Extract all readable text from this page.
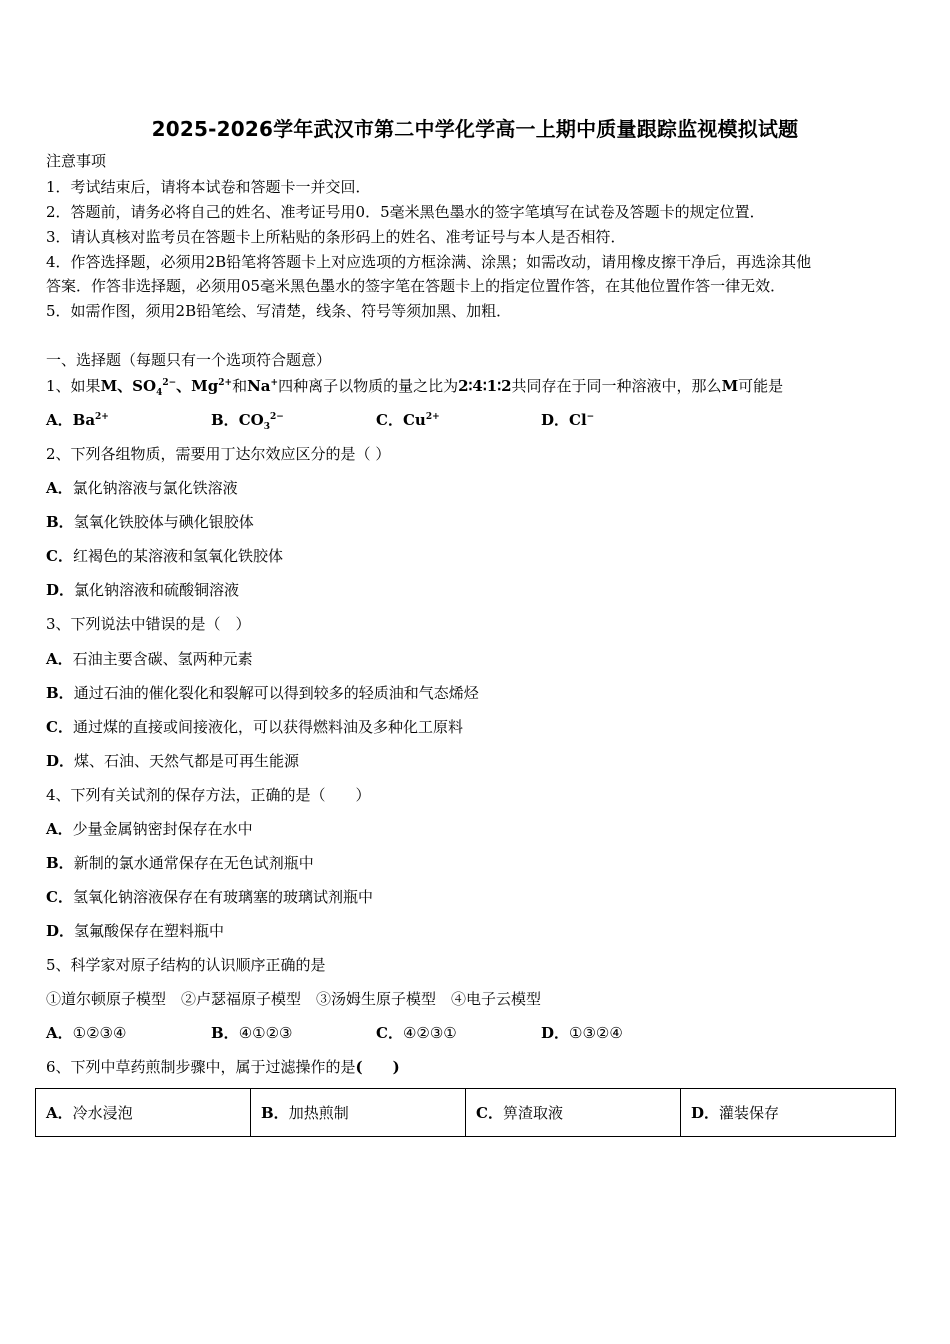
2025-2026学年武汉市第二中学化学高一上期中质量跟踪监视模拟试题
注意事项
1．考试结束后，请将本试卷和答题卡一并交回．
2．答题前，请务必将自己的姓名、准考证号用0．5毫米黑色墨水的签字笔填写在试卷及答题卡的规定位置．
3．请认真核对监考员在答题卡上所粘贴的条形码上的姓名、准考证号与本人是否相符．
4．作答选择题，必须用2B铅笔将答题卡上对应选项的方框涂满、涂黑；如需改动，请用橡皮擦干净后，再选涂其他
答案．作答非选择题，必须用05毫米黑色墨水的签字笔在答题卡上的指定位置作答，在其他位置作答一律无效．
5．如需作图，须用2B铅笔绘、写清楚，线条、符号等须加黑、加粗．
一、选择题（每题只有一个选项符合题意）
1、如果M、$SO_4^{2-}$、$Mg^{2+}$和Na+四种离子以物质的量之比为2∶4∶1∶2共同存在于同一种溶液中，那么M可能是
A．$Ba^{2+}$	B．$CO_3^{2-}$	C．$Cu^{2+}$	D．Cl−
2、下列各组物质，需要用丁达尔效应区分的是（ ）
A．氯化钠溶液与氯化铁溶液
B．氢氧化铁胶体与碘化银胶体
C．红褐色的某溶液和氢氧化铁胶体
D．氯化钠溶液和硫酸铜溶液
3、下列说法中错误的是（　）
A．石油主要含碳、氢两种元素
B．通过石油的催化裂化和裂解可以得到较多的轻质油和气态烯烃
C．通过煤的直接或间接液化，可以获得燃料油及多种化工原料
D．煤、石油、天然气都是可再生能源
4、下列有关试剂的保存方法，正确的是（　　）
A．少量金属钠密封保存在水中
B．新制的氯水通常保存在无色试剂瓶中
C．氢氧化钠溶液保存在有玻璃塞的玻璃试剂瓶中
D．氢氟酸保存在塑料瓶中
5、科学家对原子结构的认识顺序正确的是
①道尔顿原子模型　②卢瑟福原子模型　③汤姆生原子模型　④电子云模型
A．①②③④	B．④①②③	C．④②③①	D．①③②④
6、下列中草药煎制步骤中，属于过滤操作的是(　　)
A．冷水浸泡	B．加热煎制	C．箅渣取液	D．灌装保存
